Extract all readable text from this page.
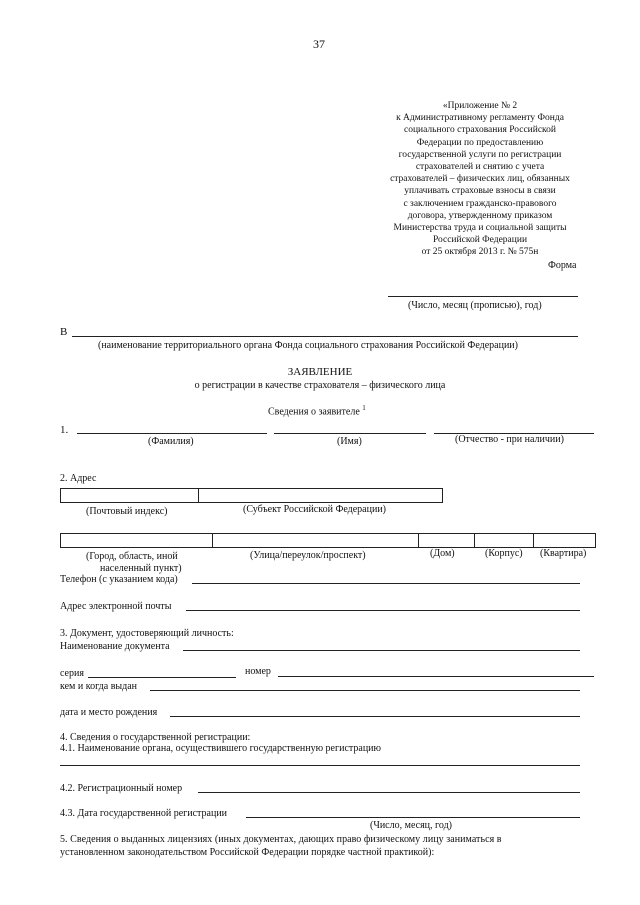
37
«Приложение № 2
к Административному регламенту Фонда
социального страхования Российской
Федерации по предоставлению
государственной услуги по регистрации
страхователей и снятию с учета
страхователей – физических лиц, обязанных
уплачивать страховые взносы в связи
с заключением гражданско-правового
договора, утвержденному приказом
Министерства труда и социальной защиты
Российской Федерации
от 25 октября 2013 г. № 575н
Форма
(Число, месяц (прописью), год)
В
(наименование территориального органа Фонда социального страхования Российской Федерации)
ЗАЯВЛЕНИЕ
о регистрации в качестве страхователя – физического лица
Сведения о заявителе $^1$
1.
(Фамилия)	(Имя)	(Отчество - при наличии)
2. Адрес
(Почтовый индекс)	(Субъект Российской Федерации)
(Город, область, иной
населенный пункт)
(Улица/переулок/проспект)	(Дом)	(Корпус) (Квартира)
Телефон (с указанием кода)
Адрес электронной почты
3. Документ, удостоверяющий личность:
Наименование документа
серия	номер
кем и когда выдан
дата и место рождения
4. Сведения о государственной регистрации:
4.1. Наименование органа, осуществившего государственную регистрацию
4.2. Регистрационный номер
4.3. Дата государственной регистрации
(Число, месяц, год)
5. Сведения о выданных лицензиях (иных документах, дающих право физическому лицу заниматься в
установленном законодательством Российской Федерации порядке частной практикой):
